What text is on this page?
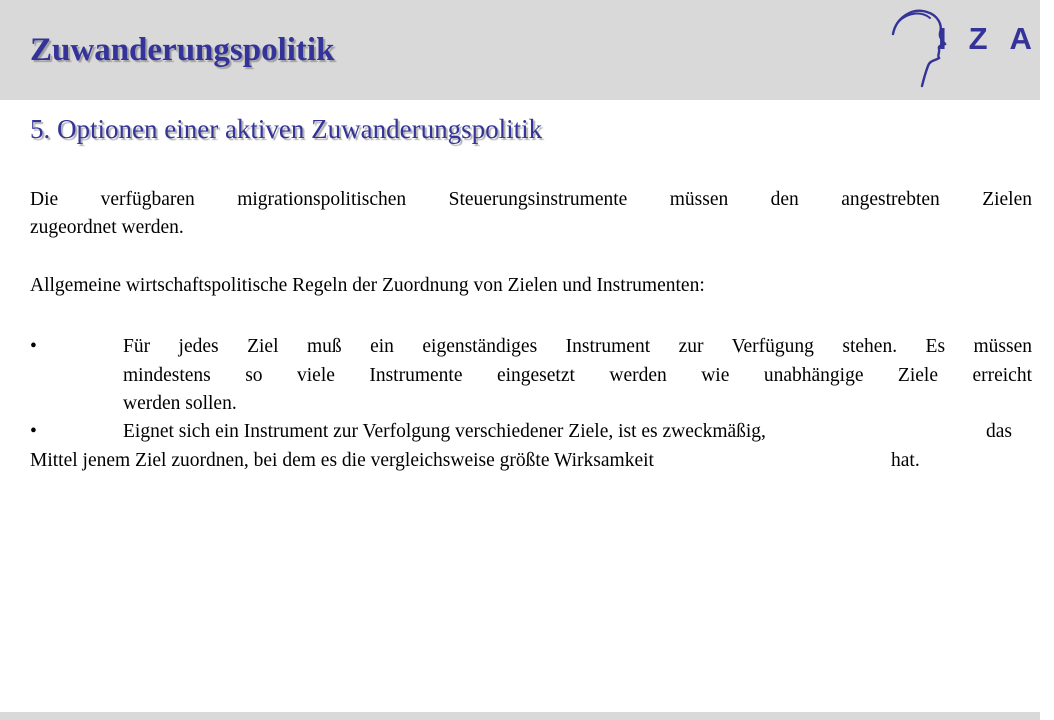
Zuwanderungspolitik	IZA
5. Optionen einer aktiven Zuwanderungspolitik

Die verfügbaren migrationspolitischen Steuerungsinstrumente müssen den angestrebten Zielen

zugeordnet werden.

Allgemeine wirtschaftspolitische Regeln der Zuordnung von Zielen und Instrumenten:

•	Für jedes Ziel muß ein eigenständiges Instrument zur Verfügung stehen. Es müssen

mindestens so viele Instrumente eingesetzt werden wie unabhängige Ziele erreicht

werden sollen.

•	Eignet sich ein Instrument zur Verfolgung verschiedener Ziele, ist es zweckmäßig,	das
Mittel jenem Ziel zuordnen, bei dem es die vergleichsweise größte Wirksamkeit	hat.
